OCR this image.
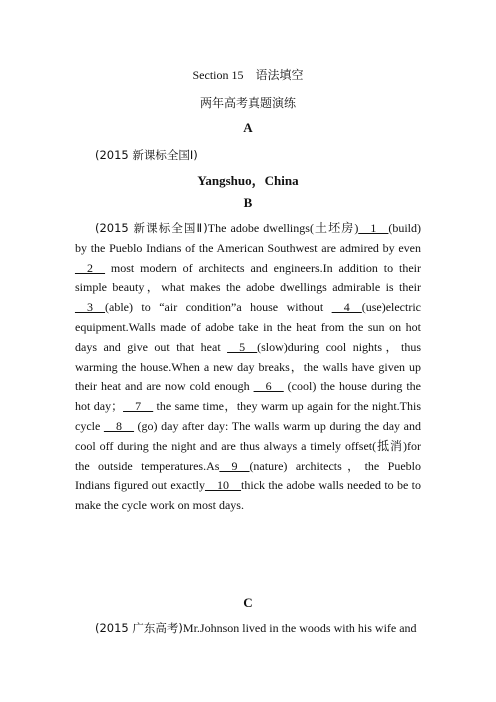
Section 15　语法填空
两年高考真题演练
A
(2015 新课标全国Ⅰ)
Yangshuo，China
B
(2015 新课标全国Ⅱ)The adobe dwellings(土坯房)__1__(build) by the Pueblo Indians of the American Southwest are admired by even __2__ most modern of architects and engineers.In addition to their simple beauty，what makes the adobe dwellings admirable is their __3__(able) to “air condition”a house without __4__(use)electric equipment.Walls made of adobe take in the heat from the sun on hot days and give out that heat __5__(slow)during cool nights，thus warming the house.When a new day breaks，the walls have given up their heat and are now cold enough __6__ (cool) the house during the hot day；__7__ the same time，they warm up again for the night.This cycle __8__ (go) day after day: The walls warm up during the day and cool off during the night and are thus always a timely offset(抵消)for the outside temperatures.As__9__(nature) architects，the Pueblo Indians figured out exactly__10__thick the adobe walls needed to be to make the cycle work on most days.
C
(2015 广东高考)Mr.Johnson lived in the woods with his wife and
